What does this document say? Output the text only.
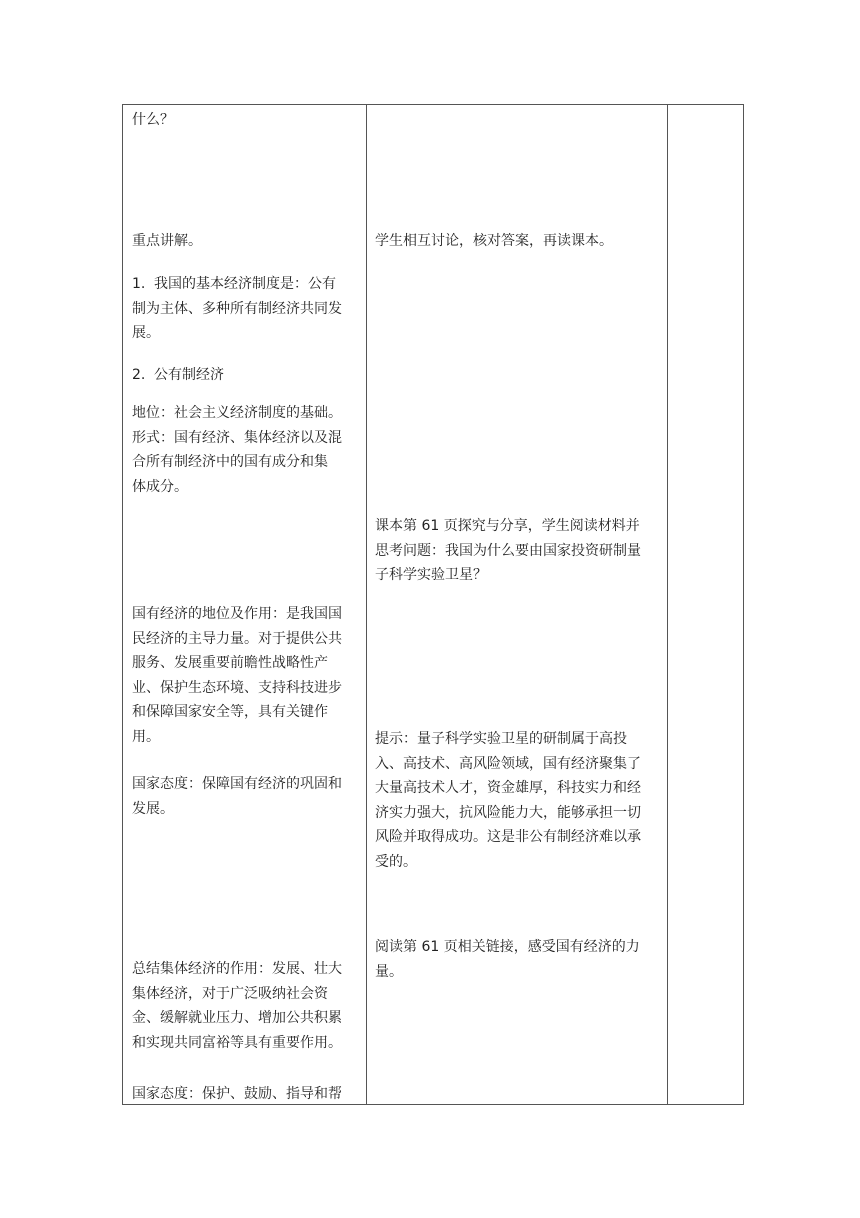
什么？

重点讲解。

1. 我国的基本经济制度是：公有
制为主体、多种所有制经济共同发
展。
2. 公有制经济
地位：社会主义经济制度的基础。
形式：国有经济、集体经济以及混
合所有制经济中的国有成分和集
体成分。
国有经济的地位及作用：是我国国
民经济的主导力量。对于提供公共
服务、发展重要前瞻性战略性产
业、保护生态环境、支持科技进步
和保障国家安全等，具有关键作
用。
国家态度：保障国有经济的巩固和
发展。
总结集体经济的作用：发展、壮大
集体经济，对于广泛吸纳社会资
金、缓解就业压力、增加公共积累
和实现共同富裕等具有重要作用。
国家态度：保护、鼓励、指导和帮

学生相互讨论，核对答案，再读课本。

课本第 61 页探究与分享，学生阅读材料并
思考问题：我国为什么要由国家投资研制量
子科学实验卫星？
提示：量子科学实验卫星的研制属于高投
入、高技术、高风险领域，国有经济聚集了
大量高技术人才，资金雄厚，科技实力和经
济实力强大，抗风险能力大，能够承担一切
风险并取得成功。这是非公有制经济难以承
受的。
阅读第 61 页相关链接，感受国有经济的力
量。
